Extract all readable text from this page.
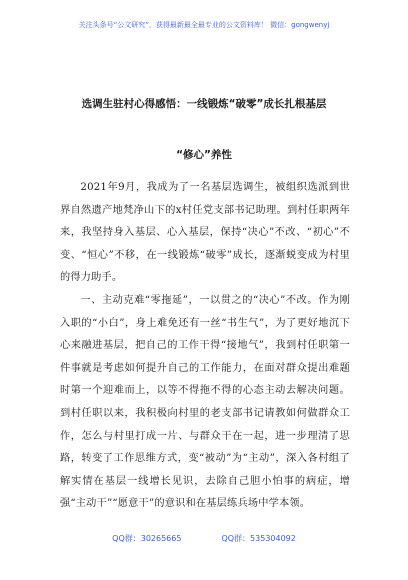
关注头条号“公文研究”，获得最新最全最专业的公文资料库！ 微信：gongwenyj
选调生驻村心得感悟：一线锻炼“破零”成长扎根基层
“修心”养性

2021年9月，我成为了一名基层选调生，被组织选派到世界自然遗产地梵净山下的x村任党支部书记助理。到村任职两年来，我坚持身入基层、心入基层，保持“决心”不改、“初心”不变、“恒心”不移，在一线锻炼“破零”成长，逐渐蜕变成为村里的得力助手。

一、主动克难“零拖延”，一以贯之的“决心”不改。作为刚入职的“小白”，身上难免还有一丝“书生气”，为了更好地沉下心来融进基层，把自己的工作干得“接地气”，我到村任职第一件事就是考虑如何提升自己的工作能力，在面对群众提出难题时第一个迎难而上，以等不得拖不得的心态主动去解决问题。到村任职以来，我积极向村里的老支部书记请教如何做群众工作，怎么与村里打成一片、与群众干在一起，进一步理清了思路，转变了工作思维方式，变“被动”为“主动”，深入各村组了解实情在基层一线增长见识，去除自己胆小怕事的病症，增强“主动干”“愿意干”的意识和在基层练兵场中学本领。

QQ群：30265665	QQ群：535304092
